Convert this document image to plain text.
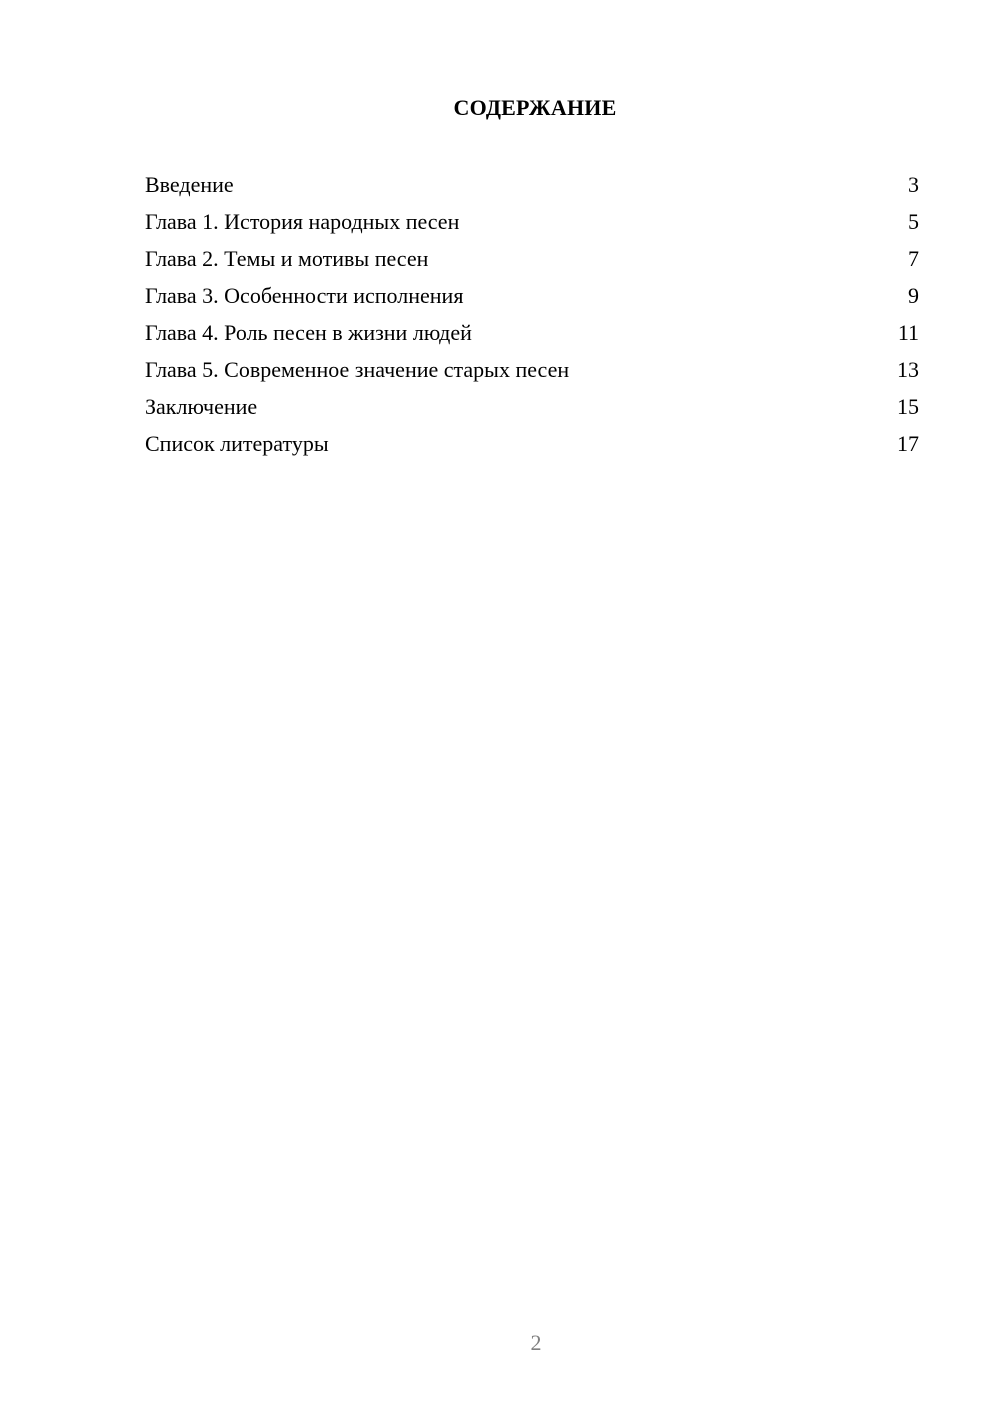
СОДЕРЖАНИЕ
Введение	3
Глава 1. История народных песен	5
Глава 2. Темы и мотивы песен	7
Глава 3. Особенности исполнения	9
Глава 4. Роль песен в жизни людей	11
Глава 5. Современное значение старых песен	13
Заключение	15
Список литературы	17
2
